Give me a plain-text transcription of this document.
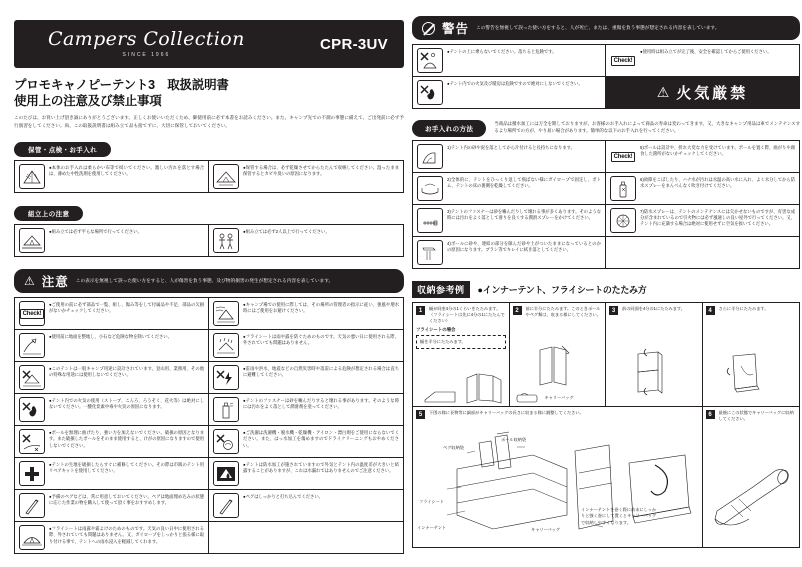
Campers Collection
SINCE 1966
CPR-3UV
プロモキャノピーテント3　取扱説明書
使用上の注意及び禁止事項
このたびは、お買い上げ頂き誠にありがとうございます。正しくお使いいただくため、御使用前に必ず本書をお読みください。また、キャンプ先での不測の事態に備えて、ご出発前に必ず予行演習をしてください。尚、この取扱説明書は組み立て品も捨てずに、大切に保管しておいてください。
保管・点検・お手入れ
●本体のお手入れは柔らかい布等で拭いてください。激しい汚れを落とす場合は、薄めた中性洗剤を使用してください。
●保管する場合は、必ず乾燥させてからたたんで収納してください。湿ったまま保管するとカビや臭いの原因になります。
組立上の注意
●組み立ては必ず平らな場所で行ってください。	●組み立ては必ず2人以上で行ってください。
⚠ 注意 この表示を無視して誤った使い方をすると、人が傷害を負う事態、及び物的損害の発生が想定される内容を表しています。
Check!
●ご使用の前に必ず部品で一覧、組し、傷み等をして付属品や不足、部品の欠損がないかチェックしてください。
●キャンプ場での使用に際しては、その場所の管理者の指示に従い、強風や増水時にはご使用をお避けください。
●使用前に地面を整地し、小石など危険な物を除いてください。	●フライシートは雨や露を防ぐためのものです。天気の悪い日に使用される際、外されていても問題はありません。
●このテントは一般キャンプ用途に設計されています。登山用、業務用、その他の特殊な用途には使用しないでください。
●雷雨や洪水、地震などの自然災害時や落雷による危険が想定される場合は直ちに避難してください。
●テント内での火気の使用（ストーブ、こんろ、ろうそく、花火等）は絶対にしないでください。一酸化炭素中毒や火災の原因になります。
●テントのファスナーは砂を噛んだりすると壊れる事があります。そのような時には汚れをよく落として潤滑剤を塗ってください。
●ポールを無理に曲げたり、強い力を加えないでください。破損の原因となります。また破損したポールをそのまま使用すると、けがの原因になりますので使用しないでください。
●ご洗濯は洗濯機・脱水機・乾燥機・アイロン・漂白剤をご使用にならないでください。また、はっ水加工を傷めますのでドライクリーニングもおやめください。
●テントの生地を破損したらすぐに補修してください。その際は市販のテント用リペアキットを使用してください。
●テントは防水加工が施されていますので外気とテント内の温度差が大きいと結露することがありますが、これは水漏れではありませんのでご注意ください。
●予備のペグなどは、常に用意しておいてください。ペグは地面埋め込みの状態に応じた作業の物を購入して使って頂く事をおすすめします。
●ペグはしっかりと打ち込んでください。
●フライシートは雨露や霜よけのためのものです。天気の良い日中に使用される際、外されていても問題はありません。又、ガイロープをしっかりと張る様に取り付ける事で、テントへの雨水浸入を軽減してくれます。
警告 この警告を無視して誤った使い方をすると、人が死亡、または、重傷を負う事態が想定される内容を表しています。
●テントの上に乗らないでください。落ちると危険です。
Check!
●使用時は組み立てが完了後、安全を確認してからご使用ください。
●テント内での火気及び暖房は危険ですので絶対にしないでください。
⚠ 火気厳禁
お手入れの方法
当商品は撥水加工には万全を期しておりますが、お客様のお手入れによって商品の寿命は変わってきます。又、大きなキャンプ用品は車でメンテナンスするより場所での方が、やり易い場合があります。簡単的な以下のお手入れを行ってください。
1)テント内の砂や泥を落としてから片付けると長持ちになります。
Check!
5)ポールは設計や、折れ大変な力を受けています。ポールを置く際、曲がりや腐食した箇所がないかチェックしてください。
2)全体的に、テントをひっくり返して飛ばない様にガイロープで固定し、ボトム、テントの床の裏側を乾燥してください。
6)故障をこぼしたり、ハナ水が汚れは水温の高い水に入れ、よく水分してから防水スプレーをまんべんなく吹き付けてください。
3)テントのファスナーは砂を噛んだりして壊れる事が多くあります。そのような時には汚れをよく落として滑りを良くする潤滑スプレーをかけてください。
7)防水スプレーは、テントのメンテナンスには欠かせないものですが、有害な成分が含まれているので引火物には必ず風通しの良い屋外で行ってください。又、テント内に充満する場合は絶対に使用せずに空気を抜いてください。
4)ポールに砂や、連結の部分を隙んだ砂や土がついたままになっているとのかの原因になります。ブラシ等でキレイに拭き落としてください。
収納参考例	●インナーテント、フライシートのたたみ方
1	幅が同室4分の1くらいをたたみます。（フライシートは先に4分の1にたたんでください）
フライシートの場合
幅を半分にたたみます。
2	前に半分にたたみます。このときポールやペグ類は、収まる様にしてください。
キャリーバッグ
3	前の同面を4分の1にたたみます。	4	さらに半分にたたみます。
5	下図の様に長物等に細部がキャリーバッグの長さに収まる様に調整してください。
フライシート
インナーテント
ペグ収納袋
ポール収納袋
キャリーバッグ
インナーテントを巻く際に前末にしっかりと強く巻にして置くとキャリーバッグで収納しやすくなります。
6	最後にこの状態でキャリーバッグに収納してください。
